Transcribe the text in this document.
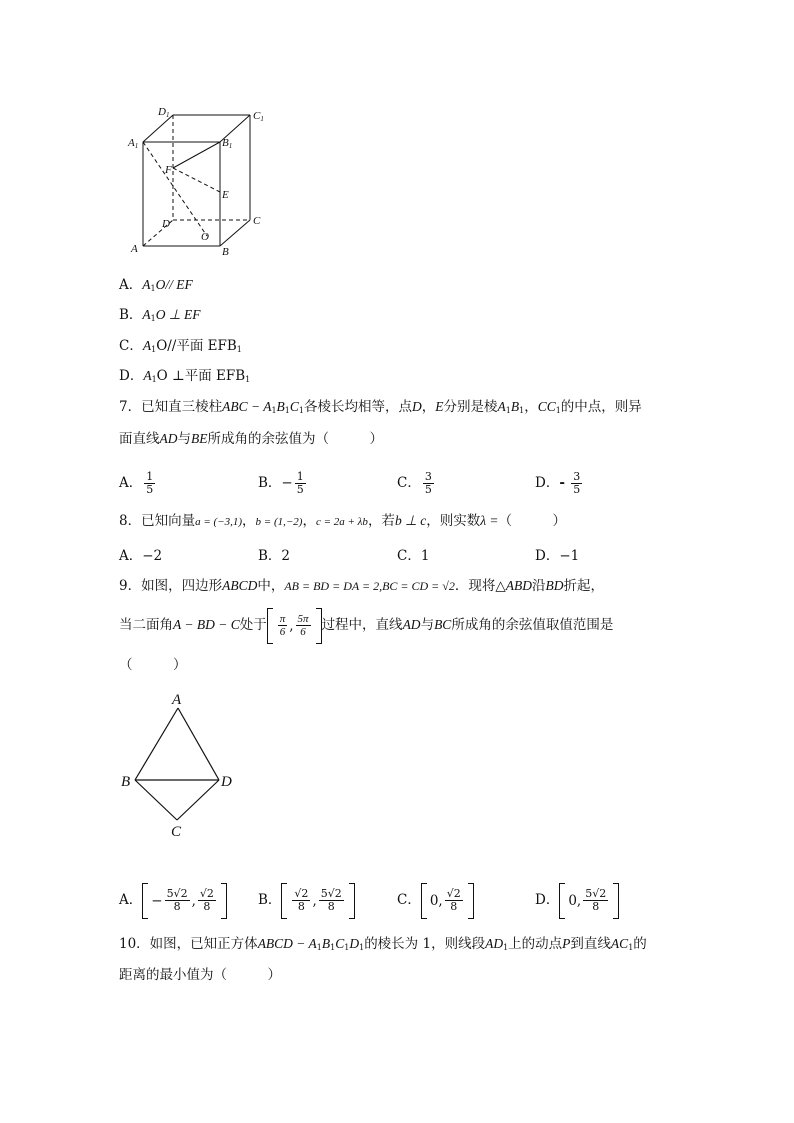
D1	C1
A1	B1
F
E
D	C
A
O
B
A．$A_1O//$ EF
B．$A_1O$ ⊥ EF
C．$A_1O//$平面 $EFB_1$
D．$A_1O$ ⊥平面 $EFB_1$
7．已知直三棱柱ABC − $A_1B_1C_1$各棱长均相等，点D，E分别是棱$A_1B_1$，$CC_1$的中点，则异
面直线AD与BE所成角的余弦值为（　　　）
A． $\frac{1}{5}$	B．− $\frac{1}{5}$	C． $\frac{3}{5}$	D．- $\frac{3}{5}$
8．已知向量a = (−3,1)，b = (1,−2)，c = 2a + λb，若b ⊥ c，则实数λ =（　　　）
A．−2	B．2	C．1	D．−1
9．如图，四边形ABCD中，AB = BD = DA = 2,BC = CD = √2．现将△ABD沿BD折起，
当二面角A − BD − C处于 $\frac{\pi}{6}$ , $\frac{5\pi}{6}$ 过程中，直线AD与BC所成角的余弦值取值范围是
（　　　）
A
B	D
C
A． − $\frac{5√2}{8}$ , $\frac{√2}{8}$	B． $\frac{√2}{8}$ , $\frac{5√2}{8}$	C． 0, $\frac{√2}{8}$	D． 0, $\frac{5√2}{8}$
10．如图，已知正方体ABCD − $A_1B_1C_1D_1$的棱长为 1，则线段$AD_1$上的动点P到直线$AC_1$的
距离的最小值为（　　　）
